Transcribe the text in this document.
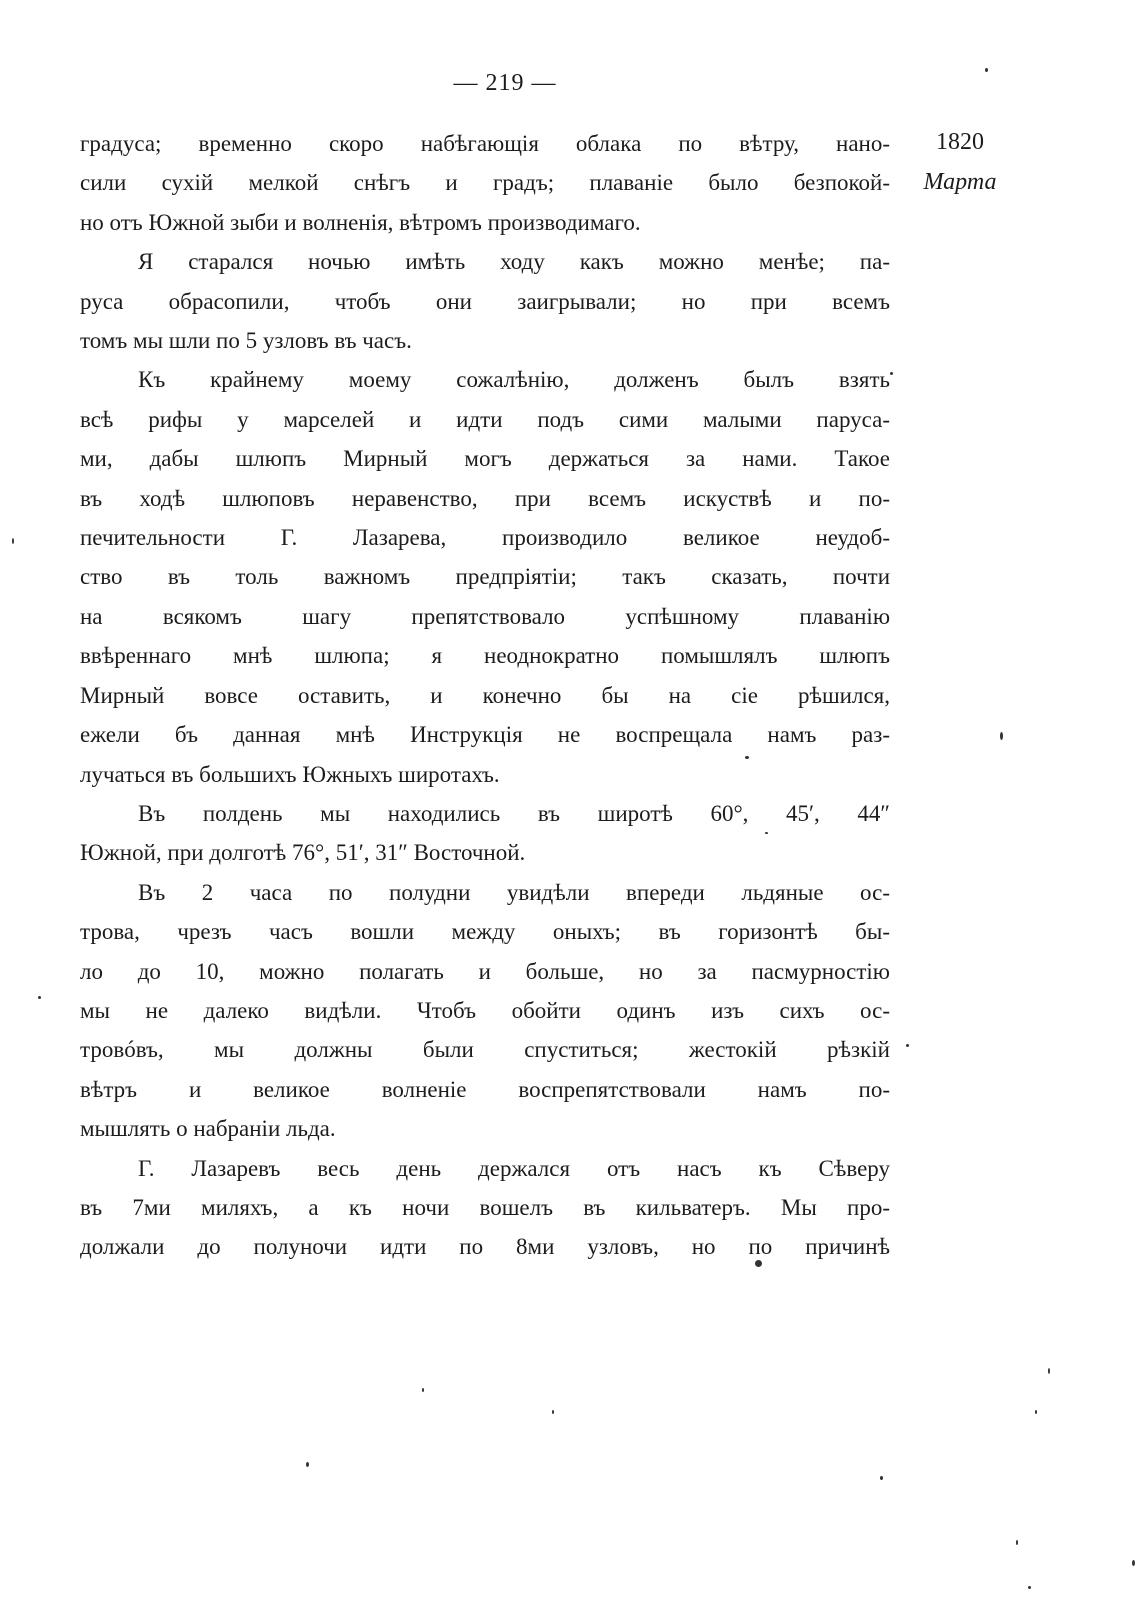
— 219 —
1820
Марта
градуса; временно скоро набѣгающія облака по вѣтру, нано-
сили сухій мелкой снѣгъ и градъ; плаваніе было безпокой-
но отъ Южной зыби и волненія, вѣтромъ производимаго.
Я старался ночью имѣть ходу какъ можно менѣе; па-
руса обрасопили, чтобъ они заигрывали; но при всемъ
томъ мы шли по 5 узловъ въ часъ.
Къ крайнему моему сожалѣнію, долженъ былъ взять
всѣ рифы у марселей и идти подъ сими малыми паруса-
ми, дабы шлюпъ Мирный могъ держаться за нами. Такое
въ ходѣ шлюповъ неравенство, при всемъ искуствѣ и по-
печительности Г. Лазарева, производило великое неудоб-
ство въ толь важномъ предпріятіи; такъ сказать, почти
на всякомъ шагу препятствовало успѣшному плаванію
ввѣреннаго мнѣ шлюпа; я неоднократно помышлялъ шлюпъ
Мирный вовсе оставить, и конечно бы на сіе рѣшился,
ежели бъ данная мнѣ Инструкція не воспрещала намъ раз-
лучаться въ большихъ Южныхъ широтахъ.
Въ полдень мы находились въ широтѣ 60°, 45′, 44″
Южной, при долготѣ 76°, 51′, 31″ Восточной.
Въ 2 часа по полудни увидѣли впереди льдяные ос-
трова, чрезъ часъ вошли между оныхъ; въ горизонтѣ бы-
ло до 10, можно полагать и больше, но за пасмурностію
мы не далеко видѣли. Чтобъ обойти одинъ изъ сихъ ос-
тровóвъ, мы должны были спуститься; жестокій рѣзкій
вѣтръ и великое волненіе воспрепятствовали намъ по-
мышлять о набраніи льда.
Г. Лазаревъ весь день держался отъ насъ къ Сѣверу
въ 7ми миляхъ, а къ ночи вошелъ въ кильватеръ. Мы про-
должали до полуночи идти по 8ми узловъ, но по причинѣ
